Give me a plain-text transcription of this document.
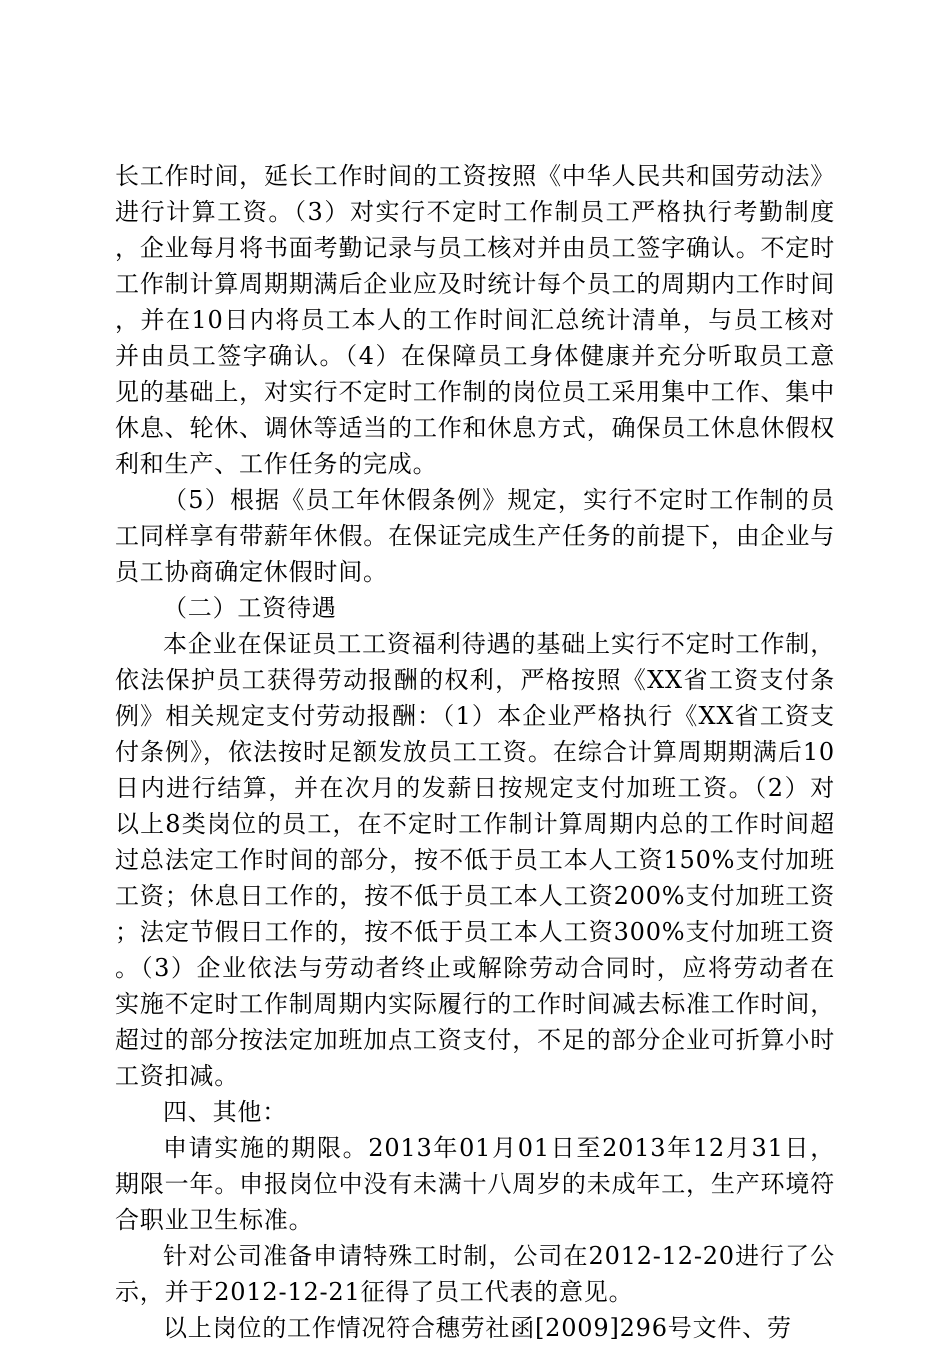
长工作时间，延长工作时间的工资按照《中华人民共和国劳动法》进行计算工资。（3）对实行不定时工作制员工严格执行考勤制度，企业每月将书面考勤记录与员工核对并由员工签字确认。不定时工作制计算周期期满后企业应及时统计每个员工的周期内工作时间，并在10日内将员工本人的工作时间汇总统计清单，与员工核对并由员工签字确认。（4）在保障员工身体健康并充分听取员工意见的基础上，对实行不定时工作制的岗位员工采用集中工作、集中休息、轮休、调休等适当的工作和休息方式，确保员工休息休假权利和生产、工作任务的完成。

（5）根据《员工年休假条例》规定，实行不定时工作制的员工同样享有带薪年休假。在保证完成生产任务的前提下，由企业与员工协商确定休假时间。

（二）工资待遇

本企业在保证员工工资福利待遇的基础上实行不定时工作制，依法保护员工获得劳动报酬的权利，严格按照《XX省工资支付条例》相关规定支付劳动报酬：（1）本企业严格执行《XX省工资支付条例》，依法按时足额发放员工工资。在综合计算周期期满后10日内进行结算，并在次月的发薪日按规定支付加班工资。（2）对以上8类岗位的员工，在不定时工作制计算周期内总的工作时间超过总法定工作时间的部分，按不低于员工本人工资150%支付加班工资；休息日工作的，按不低于员工本人工资200%支付加班工资；法定节假日工作的，按不低于员工本人工资300%支付加班工资。（3）企业依法与劳动者终止或解除劳动合同时，应将劳动者在实施不定时工作制周期内实际履行的工作时间减去标准工作时间，超过的部分按法定加班加点工资支付，不足的部分企业可折算小时工资扣减。

四、其他：

申请实施的期限。2013年01月01日至2013年12月31日，期限一年。申报岗位中没有未满十八周岁的未成年工，生产环境符合职业卫生标准。

针对公司准备申请特殊工时制，公司在2012-12-20进行了公示，并于2012-12-21征得了员工代表的意见。

以上岗位的工作情况符合穗劳社函[2009]296号文件、劳
